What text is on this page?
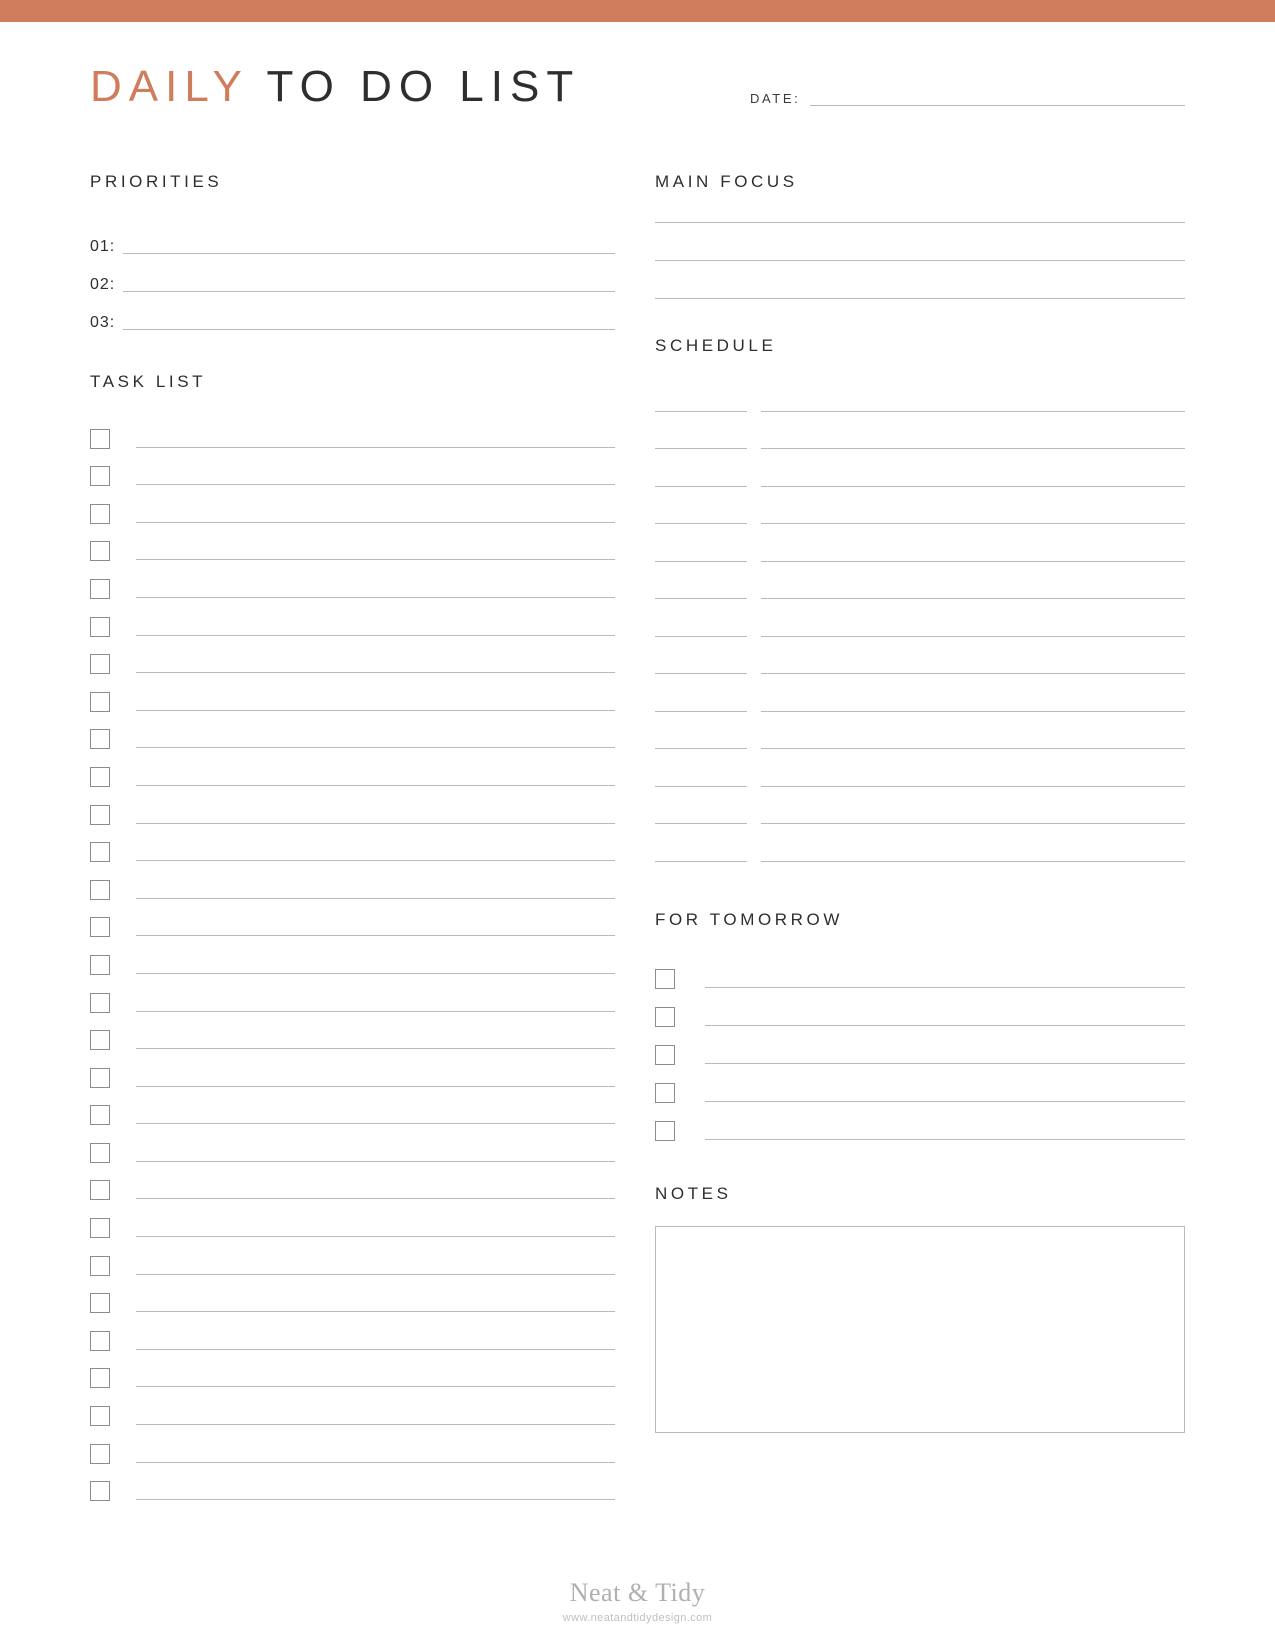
DAILY TO DO LIST	DATE:
PRIORITIES
01:
02:
03:
TASK LIST
MAIN FOCUS
SCHEDULE
FOR TOMORROW
NOTES
Neat & Tidy
www.neatandtidydesign.com
